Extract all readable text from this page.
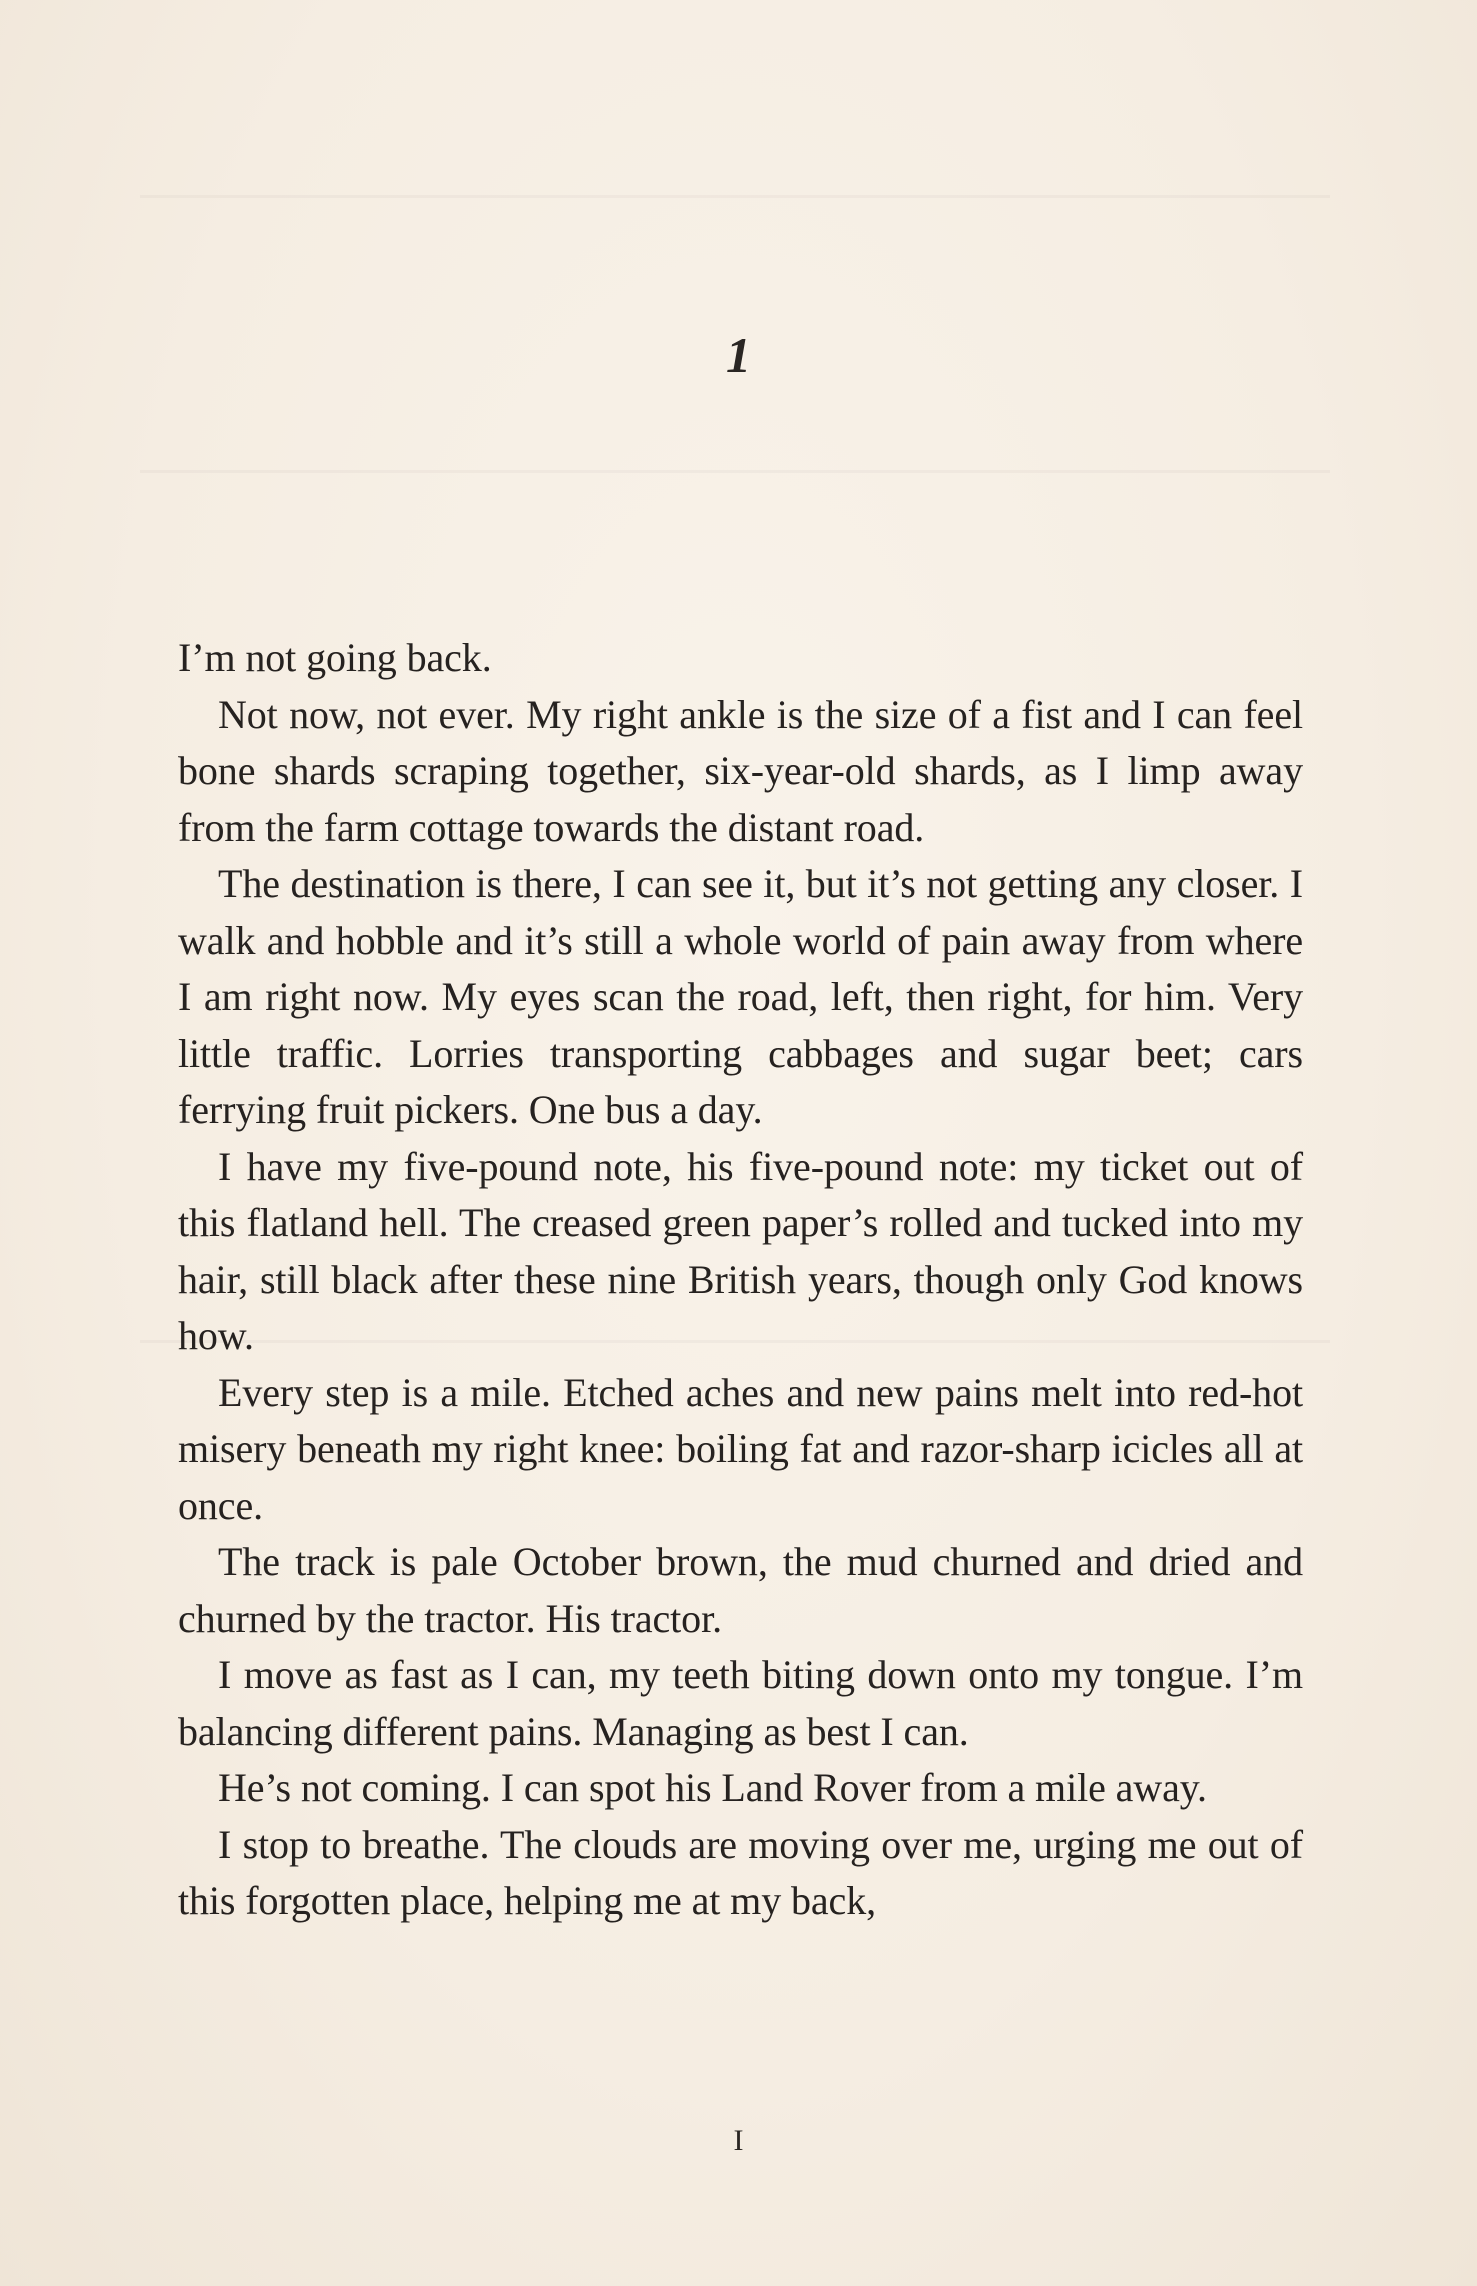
1

I’m not going back.

Not now, not ever. My right ankle is the size of a fist and I can feel bone shards scraping together, six-year-old shards, as I limp away from the farm cottage towards the distant road.

The destination is there, I can see it, but it’s not getting any closer. I walk and hobble and it’s still a whole world of pain away from where I am right now. My eyes scan the road, left, then right, for him. Very little traffic. Lorries transporting cabbages and sugar beet; cars ferrying fruit pickers. One bus a day.

I have my five-pound note, his five-pound note: my ticket out of this flatland hell. The creased green paper’s rolled and tucked into my hair, still black after these nine British years, though only God knows how.

Every step is a mile. Etched aches and new pains melt into red-hot misery beneath my right knee: boiling fat and razor-sharp icicles all at once.

The track is pale October brown, the mud churned and dried and churned by the tractor. His tractor.

I move as fast as I can, my teeth biting down onto my tongue. I’m balancing different pains. Managing as best I can.

He’s not coming. I can spot his Land Rover from a mile away.

I stop to breathe. The clouds are moving over me, urging me out of this forgotten place, helping me at my back,

I
